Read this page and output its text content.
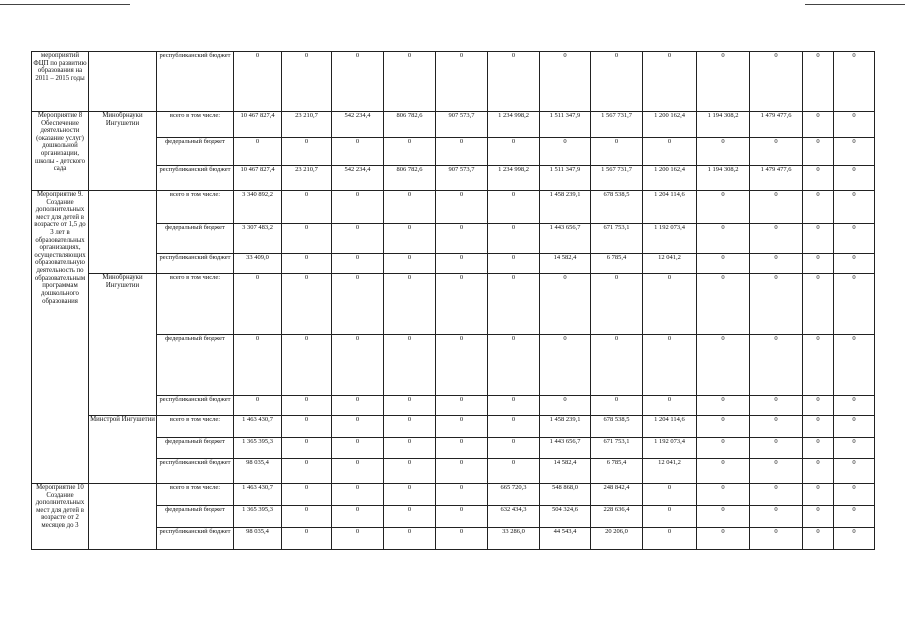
мероприятий ФЦП по развитию образования на 2011 – 2015 годы		республиканский бюджет	0	0	0	0	0	0	0	0	0	0	0	0	0
Мероприятие 8 Обеспечение деятельности (оказание услуг) дошкольной организации, школы - детского сада	Минобрнауки Ингушетии	всего в том числе:	10 467 827,4	23 210,7	542 234,4	806 782,6	907 573,7	1 234 998,2	1 511 347,9	1 567 731,7	1 200 162,4	1 194 308,2	1 479 477,6	0	0
		федеральный бюджет	0	0	0	0	0	0	0	0	0	0	0	0	0
		республиканский бюджет	10 467 827,4	23 210,7	542 234,4	806 782,6	907 573,7	1 234 998,2	1 511 347,9	1 567 731,7	1 200 162,4	1 194 308,2	1 479 477,6	0	0
Мероприятие 9. Создание дополнительных мест для детей в возрасте от 1,5 до 3 лет в образовательных организациях, осуществляющих образовательную деятельность по образовательным программам дошкольного образования		всего в том числе:	3 340 892,2	0	0	0	0	0	1 458 239,1	678 538,5	1 204 114,6	0	0	0	0
		федеральный бюджет	3 307 483,2	0	0	0	0	0	1 443 656,7	671 753,1	1 192 073,4	0	0	0	0
		республиканский бюджет	33 409,0	0	0	0	0	0	14 582,4	6 785,4	12 041,2	0	0	0	0
	Минобрнауки Ингушетии	всего в том числе:	0	0	0	0	0	0	0	0	0	0	0	0	0
		федеральный бюджет	0	0	0	0	0	0	0	0	0	0	0	0	0
		республиканский бюджет	0	0	0	0	0	0	0	0	0	0	0	0	0
	Минстрой Ингушетии	всего в том числе:	1 463 430,7	0	0	0	0	0	1 458 239,1	678 538,5	1 204 114,6	0	0	0	0
		федеральный бюджет	1 365 395,3	0	0	0	0	0	1 443 656,7	671 753,1	1 192 073,4	0	0	0	0
		республиканский бюджет	98 035,4	0	0	0	0	0	14 582,4	6 785,4	12 041,2	0	0	0	0
Мероприятие 10 Создание дополнительных мест для детей в возрасте от 2 месяцев до 3		всего в том числе:	1 463 430,7	0	0	0	0	665 720,3	548 868,0	248 842,4	0	0	0	0	0
		федеральный бюджет	1 365 395,3	0	0	0	0	632 434,3	504 324,6	228 636,4	0	0	0	0	0
		республиканский бюджет	98 035,4	0	0	0	0	33 286,0	44 543,4	20 206,0	0	0	0	0	0
